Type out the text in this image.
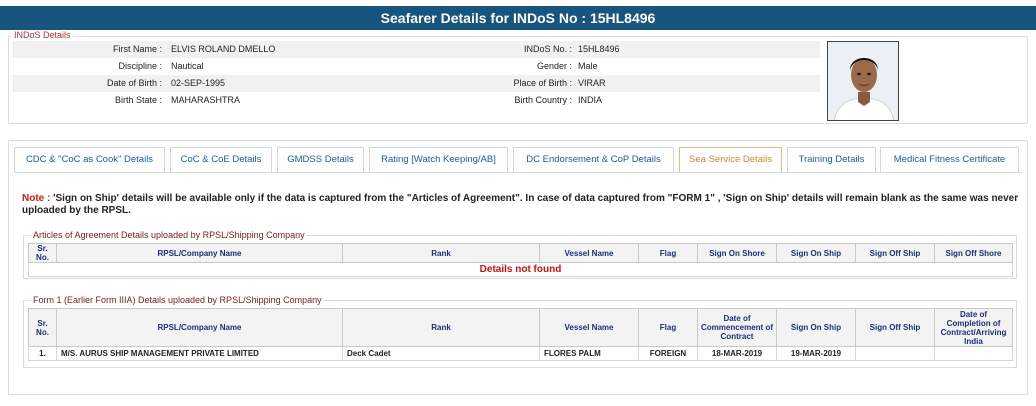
Seafarer Details for INDoS No : 15HL8496
INDoS Details
First Name : ELVIS ROLAND DMELLO	INDoS No. : 15HL8496
Discipline : Nautical	Gender : Male
Date of Birth : 02-SEP-1995	Place of Birth : VIRAR
Birth State : MAHARASHTRA	Birth Country : INDIA
CDC & "CoC as Cook" Details	CoC & CoE Details	GMDSS Details	Rating [Watch Keeping/AB]	DC Endorsement & CoP Details	Sea Service Details	Training Details	Medical Fitness Certificate
Note : 'Sign on Ship' details will be available only if the data is captured from the "Articles of Agreement". In case of data captured from "FORM 1" , 'Sign on Ship' details will remain blank as the same was never uploaded by the RPSL.
Articles of Agreement Details uploaded by RPSL/Shipping Company
Sr. No.	RPSL/Company Name	Rank	Vessel Name	Flag	Sign On Shore	Sign On Ship	Sign Off Ship	Sign Off Shore
Details not found
Form 1 (Earlier Form IIIA) Details uploaded by RPSL/Shipping Company
Sr. No.	RPSL/Company Name	Rank	Vessel Name	Flag	Date of Commencement of Contract	Sign On Ship	Sign Off Ship	Date of Completion of Contract/Arriving India
1.	M/S. AURUS SHIP MANAGEMENT PRIVATE LIMITED	Deck Cadet	FLORES PALM	FOREIGN	18-MAR-2019	19-MAR-2019		
